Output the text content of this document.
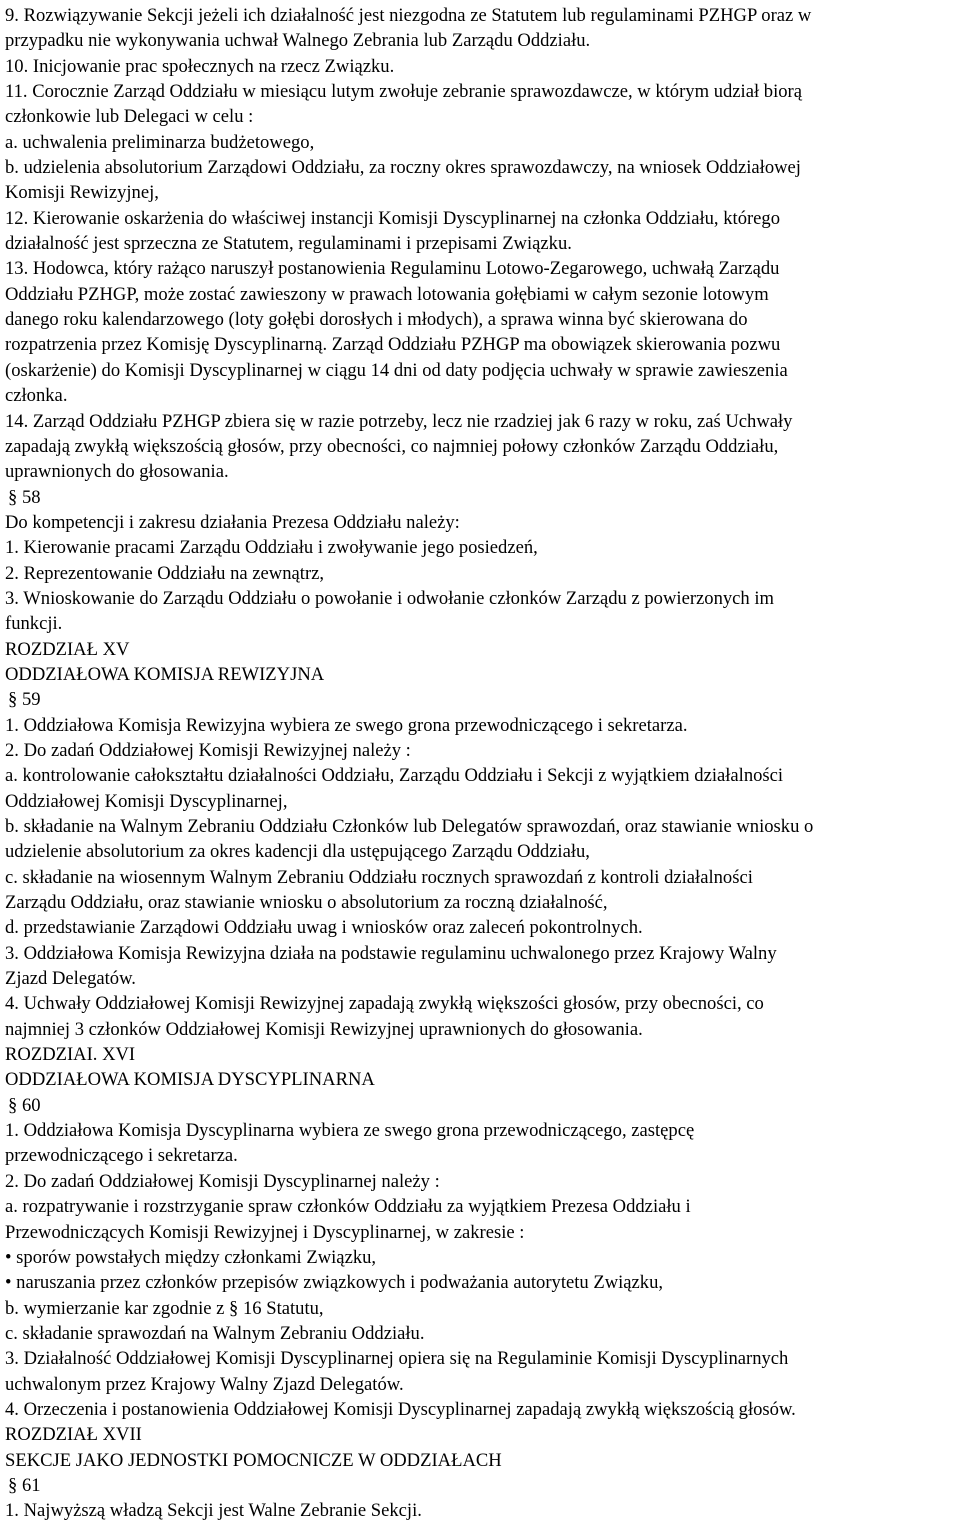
9. Rozwiązywanie Sekcji jeżeli ich działalność jest niezgodna ze Statutem lub regulaminami PZHGP oraz w
przypadku nie wykonywania uchwał Walnego Zebrania lub Zarządu Oddziału.
10. Inicjowanie prac społecznych na rzecz Związku.
11. Corocznie Zarząd Oddziału w miesiącu lutym zwołuje zebranie sprawozdawcze, w którym udział biorą
członkowie lub Delegaci w celu :
a. uchwalenia preliminarza budżetowego,
b. udzielenia absolutorium Zarządowi Oddziału, za roczny okres sprawozdawczy, na wniosek Oddziałowej
Komisji Rewizyjnej,
12. Kierowanie oskarżenia do właściwej instancji Komisji Dyscyplinarnej na członka Oddziału, którego
działalność jest sprzeczna ze Statutem, regulaminami i przepisami Związku.
13. Hodowca, który rażąco naruszył postanowienia Regulaminu Lotowo-Zegarowego, uchwałą Zarządu
Oddziału PZHGP, może zostać zawieszony w prawach lotowania gołębiami w całym sezonie lotowym
danego roku kalendarzowego (loty gołębi dorosłych i młodych), a sprawa winna być skierowana do
rozpatrzenia przez Komisję Dyscyplinarną. Zarząd Oddziału PZHGP ma obowiązek skierowania pozwu
(oskarżenie) do Komisji Dyscyplinarnej w ciągu 14 dni od daty podjęcia uchwały w sprawie zawieszenia
członka.
14. Zarząd Oddziału PZHGP zbiera się w razie potrzeby, lecz nie rzadziej jak 6 razy w roku, zaś Uchwały
zapadają zwykłą większością głosów, przy obecności, co najmniej połowy członków Zarządu Oddziału,
uprawnionych do głosowania.
§ 58
Do kompetencji i zakresu działania Prezesa Oddziału należy:
1. Kierowanie pracami Zarządu Oddziału i zwoływanie jego posiedzeń,
2. Reprezentowanie Oddziału na zewnątrz,
3. Wnioskowanie do Zarządu Oddziału o powołanie i odwołanie członków Zarządu z powierzonych im
funkcji.
ROZDZIAŁ XV
ODDZIAŁOWA KOMISJA REWIZYJNA
§ 59
1. Oddziałowa Komisja Rewizyjna wybiera ze swego grona przewodniczącego i sekretarza.
2. Do zadań Oddziałowej Komisji Rewizyjnej należy :
a. kontrolowanie całokształtu działalności Oddziału, Zarządu Oddziału i Sekcji z wyjątkiem działalności
Oddziałowej Komisji Dyscyplinarnej,
b. składanie na Walnym Zebraniu Oddziału Członków lub Delegatów sprawozdań, oraz stawianie wniosku o
udzielenie absolutorium za okres kadencji dla ustępującego Zarządu Oddziału,
c. składanie na wiosennym Walnym Zebraniu Oddziału rocznych sprawozdań z kontroli działalności
Zarządu Oddziału, oraz stawianie wniosku o absolutorium za roczną działalność,
d. przedstawianie Zarządowi Oddziału uwag i wniosków oraz zaleceń pokontrolnych.
3. Oddziałowa Komisja Rewizyjna działa na podstawie regulaminu uchwalonego przez Krajowy Walny
Zjazd Delegatów.
4. Uchwały Oddziałowej Komisji Rewizyjnej zapadają zwykłą większości głosów, przy obecności, co
najmniej 3 członków Oddziałowej Komisji Rewizyjnej uprawnionych do głosowania.
ROZDZIAI. XVI
ODDZIAŁOWA KOMISJA DYSCYPLINARNA
§ 60
1. Oddziałowa Komisja Dyscyplinarna wybiera ze swego grona przewodniczącego, zastępcę
przewodniczącego i sekretarza.
2. Do zadań Oddziałowej Komisji Dyscyplinarnej należy :
a. rozpatrywanie i rozstrzyganie spraw członków Oddziału za wyjątkiem Prezesa Oddziału i
Przewodniczących Komisji Rewizyjnej i Dyscyplinarnej, w zakresie :
• sporów powstałych między członkami Związku,
• naruszania przez członków przepisów związkowych i podważania autorytetu Związku,
b. wymierzanie kar zgodnie z § 16 Statutu,
c. składanie sprawozdań na Walnym Zebraniu Oddziału.
3. Działalność Oddziałowej Komisji Dyscyplinarnej opiera się na Regulaminie Komisji Dyscyplinarnych
uchwalonym przez Krajowy Walny Zjazd Delegatów.
4. Orzeczenia i postanowienia Oddziałowej Komisji Dyscyplinarnej zapadają zwykłą większością głosów.
ROZDZIAŁ XVII
SEKCJE JAKO JEDNOSTKI POMOCNICZE W ODDZIAŁACH
§ 61
1. Najwyższą władzą Sekcji jest Walne Zebranie Sekcji.
